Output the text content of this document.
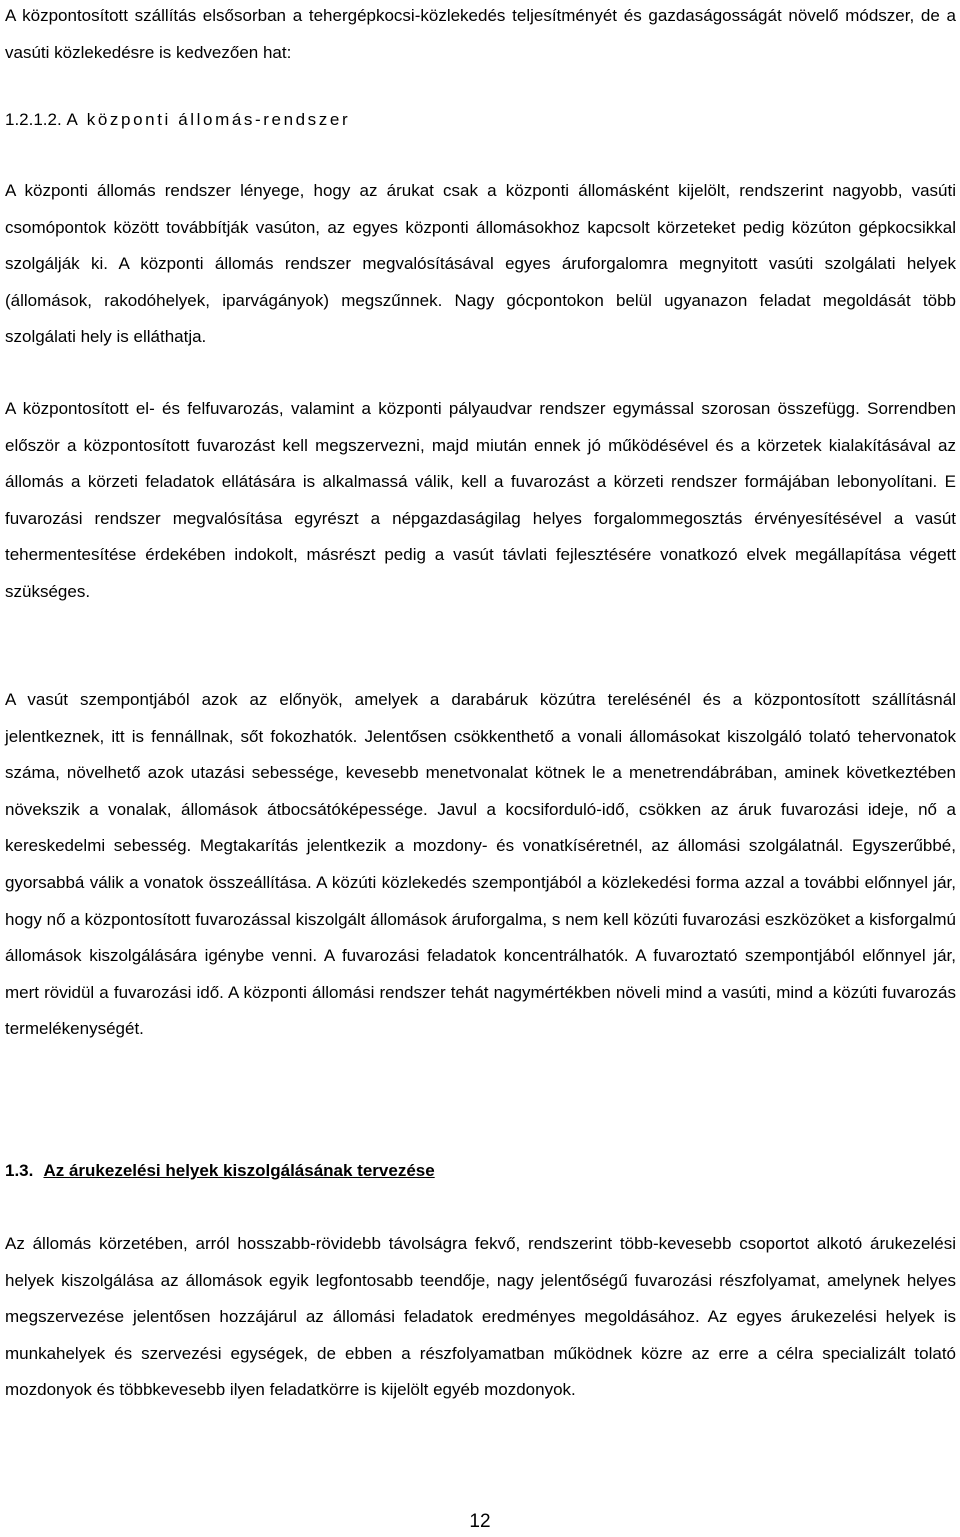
A központosított szállítás elsősorban a tehergépkocsi-közlekedés teljesítményét és gazdaságosságát növelő módszer, de a vasúti közlekedésre is kedvezően hat:

1.2.1.2. A központi állomás-rendszer

A központi állomás rendszer lényege, hogy az árukat csak a központi állomásként kijelölt, rendszerint nagyobb, vasúti csomópontok között továbbítják vasúton, az egyes központi állomásokhoz kapcsolt körzeteket pedig közúton gépkocsikkal szolgálják ki. A központi állomás rendszer megvalósításával egyes áruforgalomra megnyitott vasúti szolgálati helyek (állomások, rakodóhelyek, iparvágányok) megszűnnek. Nagy gócpontokon belül ugyanazon feladat megoldását több szolgálati hely is elláthatja.

A központosított el- és felfuvarozás, valamint a központi pályaudvar rendszer egymással szorosan összefügg. Sorrendben először a központosított fuvarozást kell megszervezni, majd miután ennek jó működésével és a körzetek kialakításával az állomás a körzeti feladatok ellátására is alkalmassá válik, kell a fuvarozást a körzeti rendszer formájában lebonyolítani. E fuvarozási rendszer megvalósítása egyrészt a népgazdaságilag helyes forgalommegosztás érvényesítésével a vasút tehermentesítése érdekében indokolt, másrészt pedig a vasút távlati fejlesztésére vonatkozó elvek megállapítása végett szükséges.

A vasút szempontjából azok az előnyök, amelyek a darabáruk közútra terelésénél és a központosított szállításnál jelentkeznek, itt is fennállnak, sőt fokozhatók. Jelentősen csökkenthető a vonali állomásokat kiszolgáló tolató tehervonatok száma, növelhető azok utazási sebessége, kevesebb menetvonalat kötnek le a menetrendábrában, aminek következtében növekszik a vonalak, állomások átbocsátóképessége. Javul a kocsiforduló-idő, csökken az áruk fuvarozási ideje, nő a kereskedelmi sebesség. Megtakarítás jelentkezik a mozdony- és vonatkíséretnél, az állomási szolgálatnál. Egyszerűbbé, gyorsabbá válik a vonatok összeállítása. A közúti közlekedés szempontjából a közlekedési forma azzal a további előnnyel jár, hogy nő a központosított fuvarozással kiszolgált állomások áruforgalma, s nem kell közúti fuvarozási eszközöket a kisforgalmú állomások kiszolgálására igénybe venni. A fuvarozási feladatok koncentrálhatók. A fuvaroztató szempontjából előnnyel jár, mert rövidül a fuvarozási idő. A központi állomási rendszer tehát nagymértékben növeli mind a vasúti, mind a közúti fuvarozás termelékenységét.

1.3. Az árukezelési helyek kiszolgálásának tervezése

Az állomás körzetében, arról hosszabb-rövidebb távolságra fekvő, rendszerint több-kevesebb csoportot alkotó árukezelési helyek kiszolgálása az állomások egyik legfontosabb teendője, nagy jelentőségű fuvarozási részfolyamat, amelynek helyes megszervezése jelentősen hozzájárul az állomási feladatok eredményes megoldásához. Az egyes árukezelési helyek is munkahelyek és szervezési egységek, de ebben a részfolyamatban működnek közre az erre a célra specializált tolató mozdonyok és többkevesebb ilyen feladatkörre is kijelölt egyéb mozdonyok.

12
